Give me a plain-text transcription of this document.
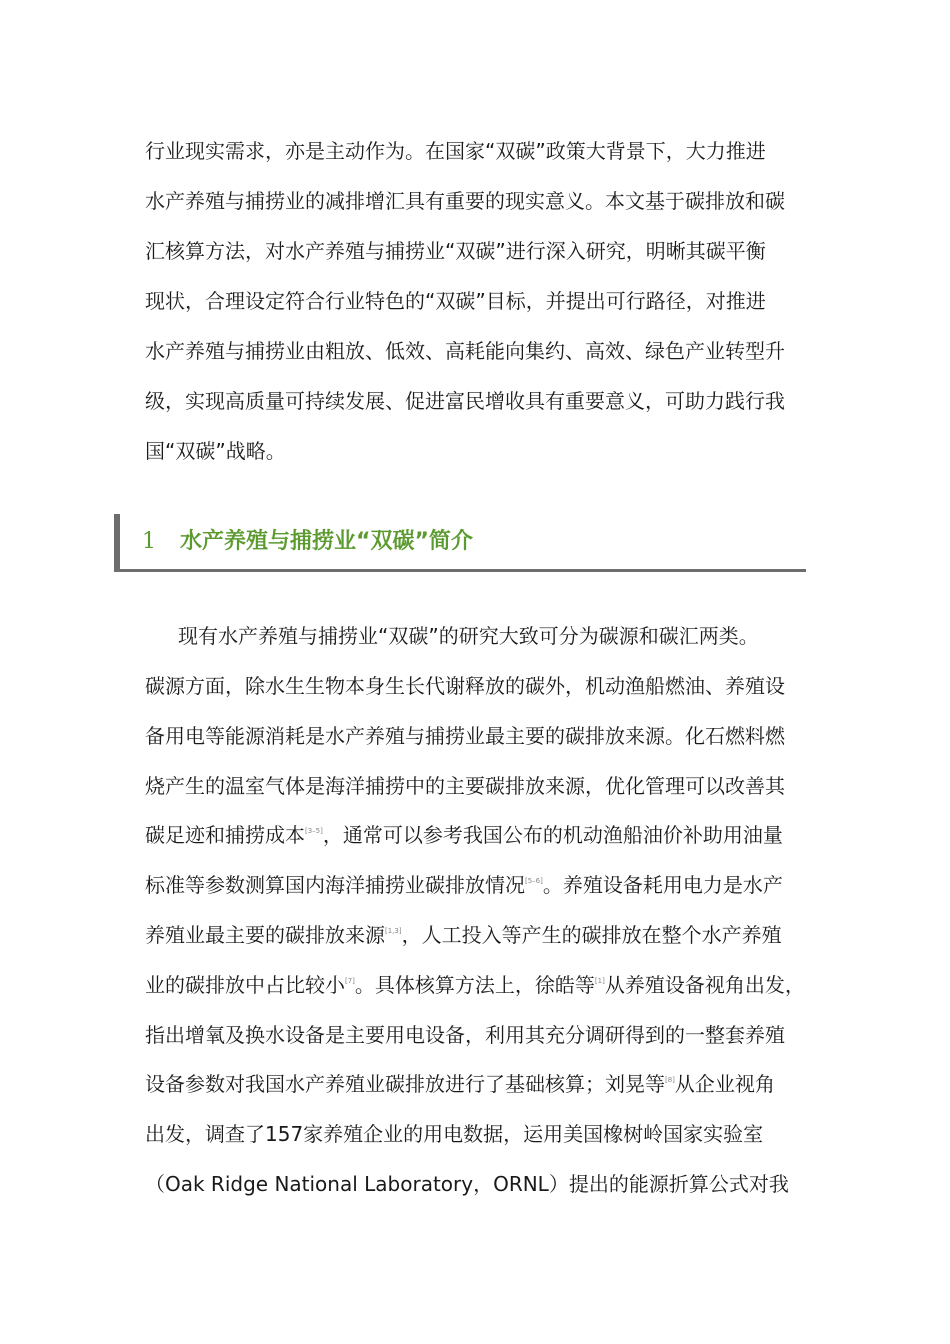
行业现实需求，亦是主动作为。在国家“双碳”政策大背景下，大力推进
水产养殖与捕捞业的减排增汇具有重要的现实意义。本文基于碳排放和碳
汇核算方法，对水产养殖与捕捞业“双碳”进行深入研究，明晰其碳平衡
现状，合理设定符合行业特色的“双碳”目标，并提出可行路径，对推进
水产养殖与捕捞业由粗放、低效、高耗能向集约、高效、绿色产业转型升
级，实现高质量可持续发展、促进富民增收具有重要意义，可助力践行我
国“双碳”战略。
1 水产养殖与捕捞业“双碳”简介
现有水产养殖与捕捞业“双碳”的研究大致可分为碳源和碳汇两类。
碳源方面，除水生生物本身生长代谢释放的碳外，机动渔船燃油、养殖设
备用电等能源消耗是水产养殖与捕捞业最主要的碳排放来源。化石燃料燃
烧产生的温室气体是海洋捕捞中的主要碳排放来源，优化管理可以改善其
碳足迹和捕捞成本[3–5]，通常可以参考我国公布的机动渔船油价补助用油量
标准等参数测算国内海洋捕捞业碳排放情况[5–6]。养殖设备耗用电力是水产
养殖业最主要的碳排放来源[1,3]，人工投入等产生的碳排放在整个水产养殖
业的碳排放中占比较小[7]。具体核算方法上，徐皓等[1]从养殖设备视角出发，
指出增氧及换水设备是主要用电设备，利用其充分调研得到的一整套养殖
设备参数对我国水产养殖业碳排放进行了基础核算；刘晃等[8]从企业视角
出发，调查了157家养殖企业的用电数据，运用美国橡树岭国家实验室
（Oak Ridge National Laboratory，ORNL）提出的能源折算公式对我
